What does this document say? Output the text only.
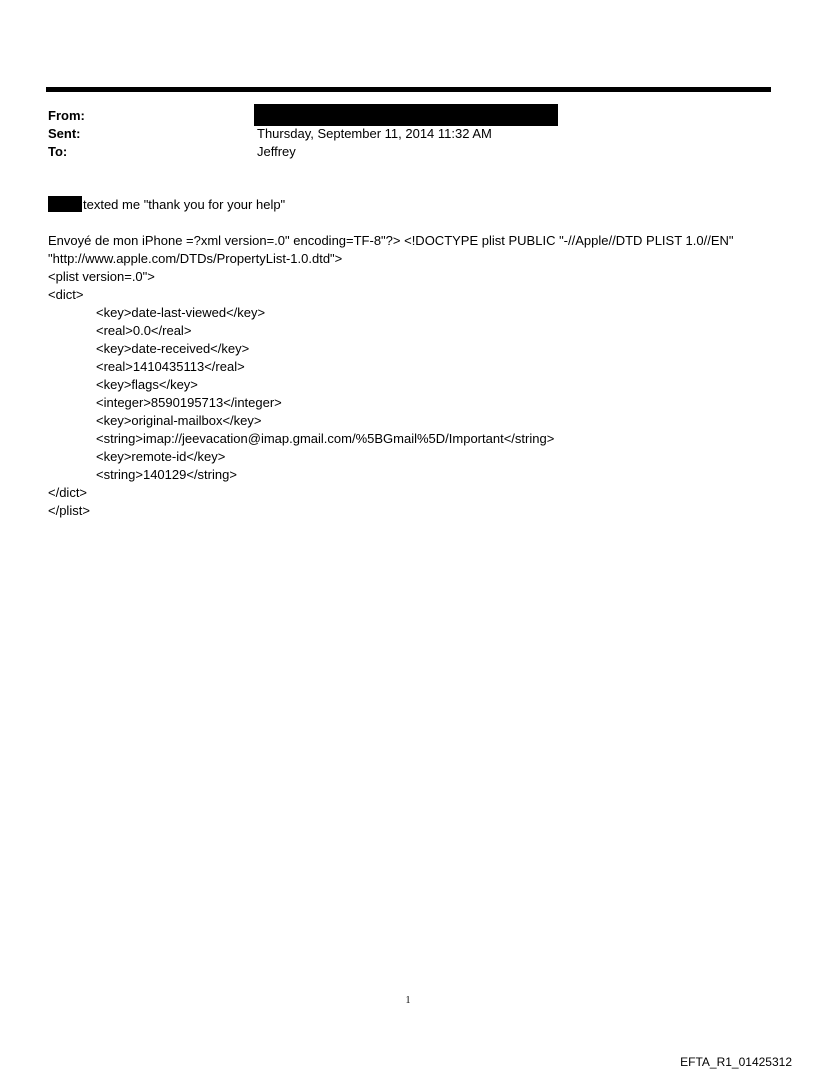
From:
Sent:	Thursday, September 11, 2014 11:32 AM
To:	Jeffrey
texted me "thank you for your help"
Envoyé de mon iPhone =?xml version=.0" encoding=TF-8"?> <!DOCTYPE plist PUBLIC "-//Apple//DTD PLIST 1.0//EN"
"http://www.apple.com/DTDs/PropertyList-1.0.dtd">
<plist version=.0">
<dict>
<key>date-last-viewed</key>
<real>0.0</real>
<key>date-received</key>
<real>1410435113</real>
<key>flags</key>
<integer>8590195713</integer>
<key>original-mailbox</key>
<string>imap://jeevacation@imap.gmail.com/%5BGmail%5D/Important</string>
<key>remote-id</key>
<string>140129</string>
</dict>
</plist>
1
EFTA_R1_01425312
